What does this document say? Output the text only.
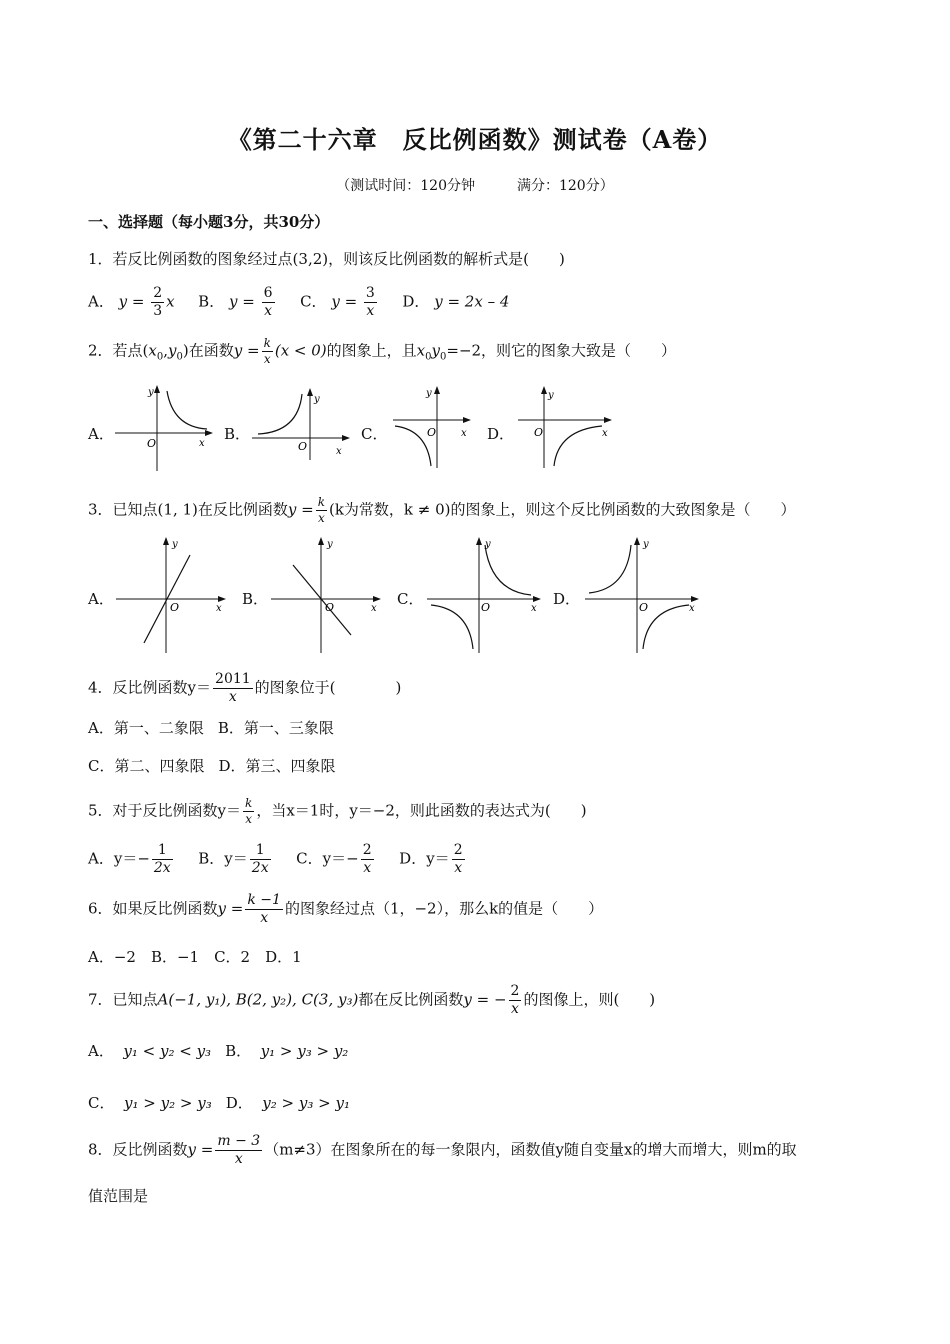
《第二十六章　反比例函数》测试卷（A卷）
（测试时间：120分钟　　　满分：120分）
一、选择题（每小题3分，共30分）
1．若反比例函数的图象经过点(3,2)，则该反比例函数的解析式是(　　)
A． $y = \frac{2}{3}$ x B． $y = \frac{6}{x}$ C． $y = \frac{3}{x}$ D． y = 2x – 4
2．若点$(x_0,y_0)$在函数$y = \frac{k}{x} (x < 0)$的图象上，且$x_0y_0=-2$，则它的图象大致是（　　）
A．	B．	C．	D．
y
x
O
y
x
O
y
x
O
y
x
O
3．已知点(1, 1)在反比例函数$y = \frac{k}{x} (k$为常数，k ≠ 0)的图象上，则这个反比例函数的大致图象是（　　）
A．	B．	C．	D．
y
x
O
y
x
O
y
x
O
y
x
O
4．反比例函数$y= \frac{2011}{x}$ 的图象位于(　　　　)
A．第一、二象限 B．第一、三象限
C．第二、四象限 D．第三、四象限
5．对于反比例函数$y= \frac{k}{x}$ ，当x＝1时，y＝−2，则此函数的表达式为(　　)
A．$y=- \frac{1}{2x}$ B．$y= \frac{1}{2x}$ C．$y=- \frac{2}{x}$ D．$y= \frac{2}{x}$
6．如果反比例函数$y = \frac{k -1}{x}$ 的图象经过点（1，−2），那么k的值是（　　）
A．−2　B．−1　C．2　D．1
7．已知点A(−1, y₁), B(2, y₂), C(3, y₃)都在反比例函数y = − $\frac{2}{x}$ 的图像上，则(　　)
A． y₁ < y₂ < y₃ B． y₁ > y₃ > y₂
C． y₁ > y₂ > y₃ D． y₂ > y₃ > y₁
8．反比例函数$y = \frac{m - 3}{x} (m\ne 3)$在图象所在的每一象限内，函数值y随自变量x的增大而增大，则m的取
值范围是
